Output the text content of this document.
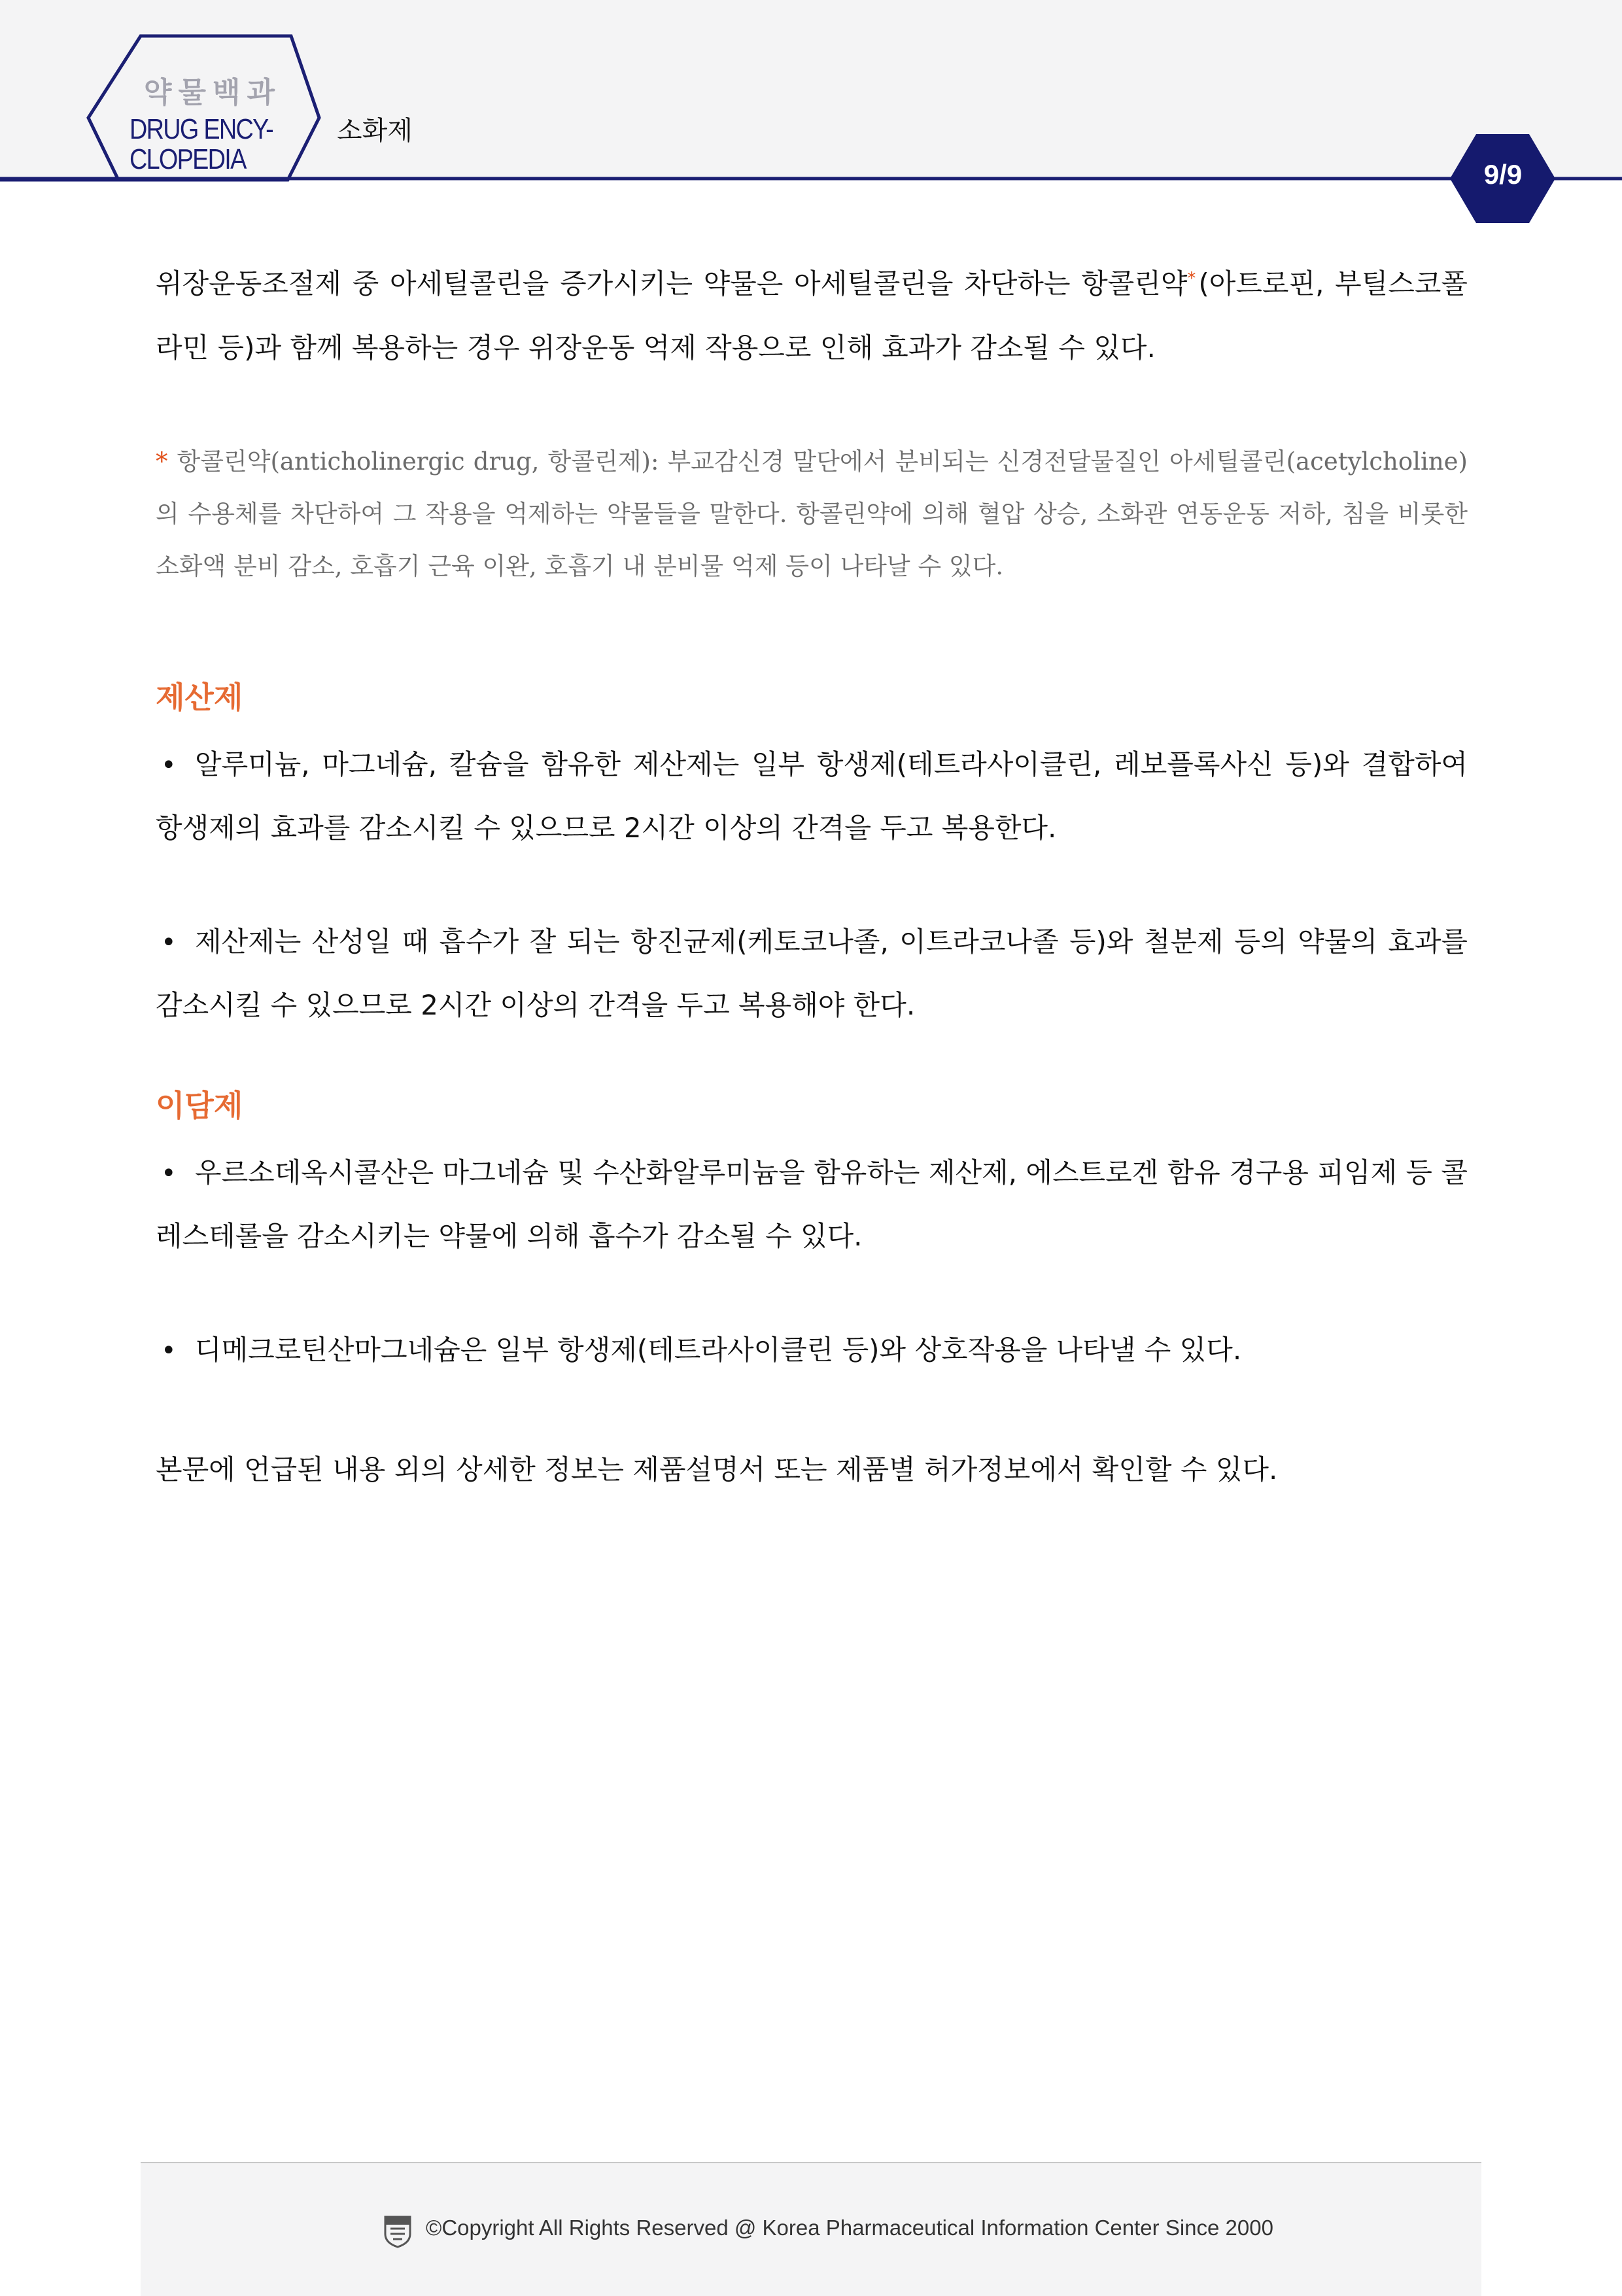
약물백과
DRUG ENCY-
CLOPEDIA
소화제
9/9

위장운동조절제 중 아세틸콜린을 증가시키는 약물은 아세틸콜린을 차단하는 항콜린약*(아트로핀, 부틸스코폴라민 등)과 함께 복용하는 경우 위장운동 억제 작용으로 인해 효과가 감소될 수 있다.

* 항콜린약(anticholinergic drug, 항콜린제): 부교감신경 말단에서 분비되는 신경전달물질인 아세틸콜린(acetylcholine)의 수용체를 차단하여 그 작용을 억제하는 약물들을 말한다. 항콜린약에 의해 혈압 상승, 소화관 연동운동 저하, 침을 비롯한 소화액 분비 감소, 호흡기 근육 이완, 호흡기 내 분비물 억제 등이 나타날 수 있다.

제산제

• 알루미늄, 마그네슘, 칼슘을 함유한 제산제는 일부 항생제(테트라사이클린, 레보플록사신 등)와 결합하여 항생제의 효과를 감소시킬 수 있으므로 2시간 이상의 간격을 두고 복용한다.

• 제산제는 산성일 때 흡수가 잘 되는 항진균제(케토코나졸, 이트라코나졸 등)와 철분제 등의 약물의 효과를 감소시킬 수 있으므로 2시간 이상의 간격을 두고 복용해야 한다.

이담제

• 우르소데옥시콜산은 마그네슘 및 수산화알루미늄을 함유하는 제산제, 에스트로겐 함유 경구용 피임제 등 콜레스테롤을 감소시키는 약물에 의해 흡수가 감소될 수 있다.

• 디메크로틴산마그네슘은 일부 항생제(테트라사이클린 등)와 상호작용을 나타낼 수 있다.

본문에 언급된 내용 외의 상세한 정보는 제품설명서 또는 제품별 허가정보에서 확인할 수 있다.

©Copyright All Rights Reserved @ Korea Pharmaceutical Information Center Since 2000
